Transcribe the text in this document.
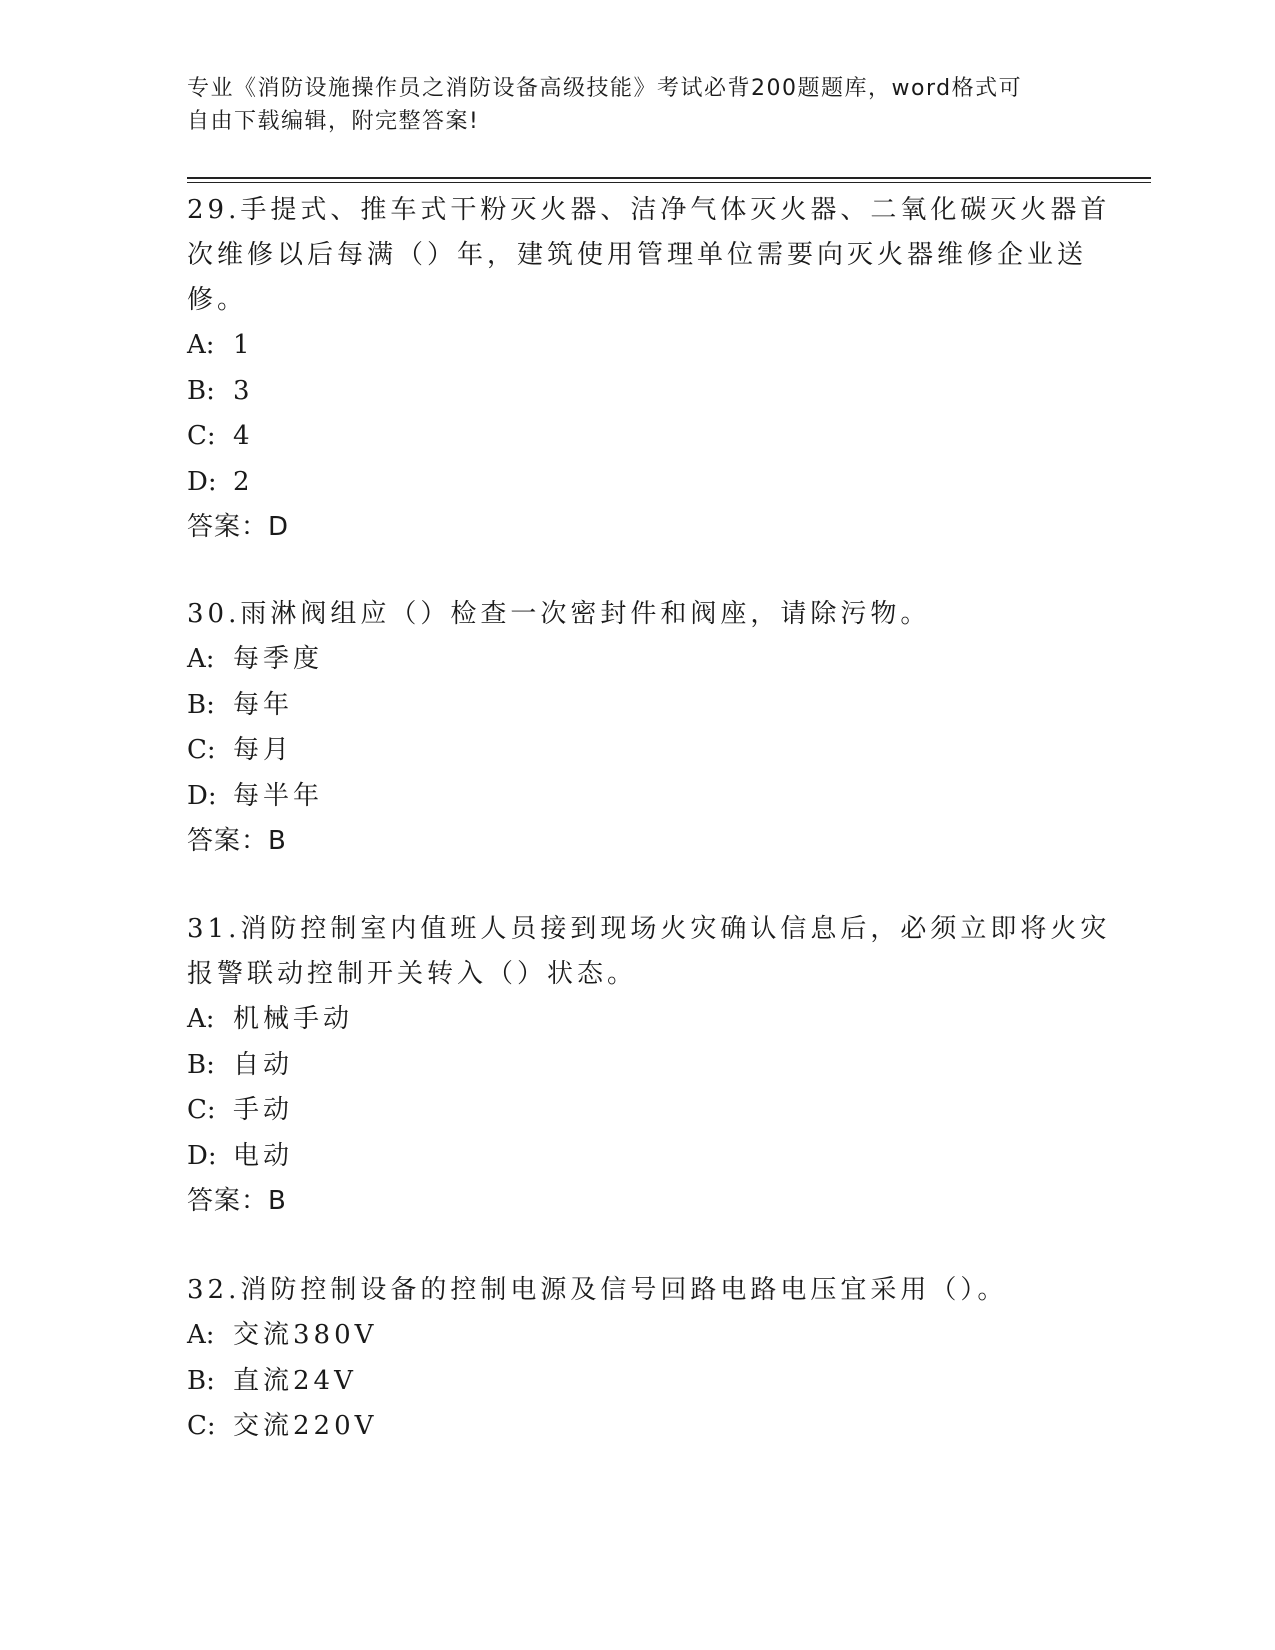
专业《消防设施操作员之消防设备高级技能》考试必背200题题库，word格式可
自由下载编辑，附完整答案!
29.手提式、推车式干粉灭火器、洁净气体灭火器、二氧化碳灭火器首
次维修以后每满（）年，建筑使用管理单位需要向灭火器维修企业送
修。
A: 1
B: 3
C: 4
D: 2
答案：D
30.雨淋阀组应（）检查一次密封件和阀座，请除污物。
A: 每季度
B: 每年
C: 每月
D: 每半年
答案：B
31.消防控制室内值班人员接到现场火灾确认信息后，必须立即将火灾
报警联动控制开关转入（）状态。
A: 机械手动
B: 自动
C: 手动
D: 电动
答案：B
32.消防控制设备的控制电源及信号回路电路电压宜采用（）。
A: 交流380V
B: 直流24V
C: 交流220V
